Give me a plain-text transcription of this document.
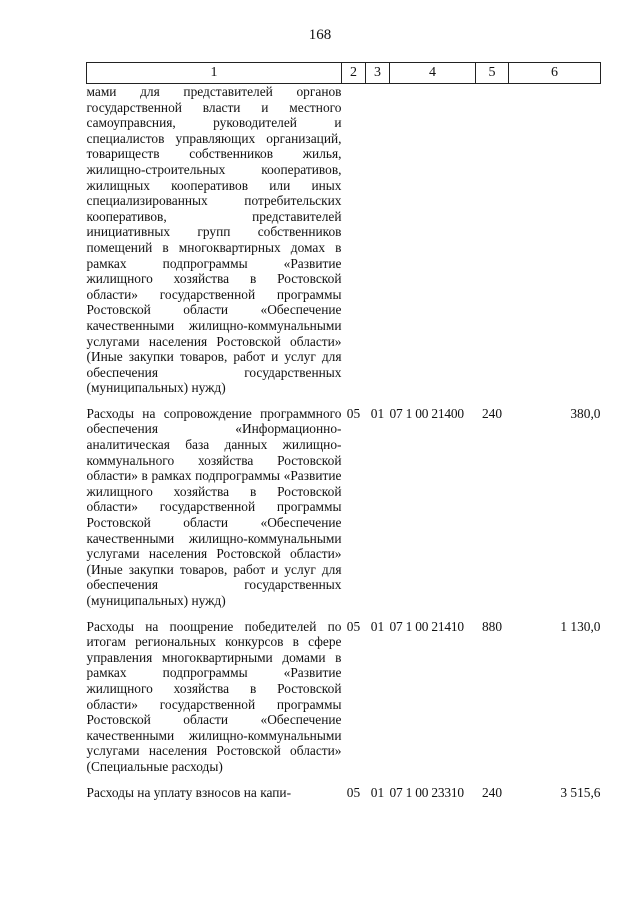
168
1	2	3	4	5	6
мами для представителей органов государственной власти и местного самоуправсния, руководителей и специалистов управляющих организаций, товариществ собственников жилья, жилищно-строительных кооперативов, жилищных кооперативов или иных специализированных потребительских кооперативов, представителей инициативных групп собственников помещений в многоквартирных домах в рамках подпрограммы «Развитие жилищного хозяйства в Ростовской области» государственной программы Ростовской области «Обеспечение качественными жилищно-коммунальными услугами населения Ростовской области» (Иные закупки товаров, работ и услуг для обеспечения государственных (муниципальных) нужд)					
Расходы на сопровождение программного обеспечения «Информационно-аналитическая база данных жилищно-коммунального хозяйства Ростовской области» в рамках подпрограммы «Развитие жилищного хозяйства в Ростовской области» государственной программы Ростовской области «Обеспечение качественными жилищно-коммунальными услугами населения Ростовской области» (Иные закупки товаров, работ и услуг для обеспечения государственных (муниципальных) нужд)	05	01	07 1 00 21400	240	380,0
Расходы на поощрение победителей по итогам региональных конкурсов в сфере управления многоквартирными домами в рамках подпрограммы «Развитие жилищного хозяйства в Ростовской области» государственной программы Ростовской области «Обеспечение качественными жилищно-коммунальными услугами населения Ростовской области» (Специальные расходы)	05	01	07 1 00 21410	880	1 130,0
Расходы на уплату взносов на капи-	05	01	07 1 00 23310	240	3 515,6
